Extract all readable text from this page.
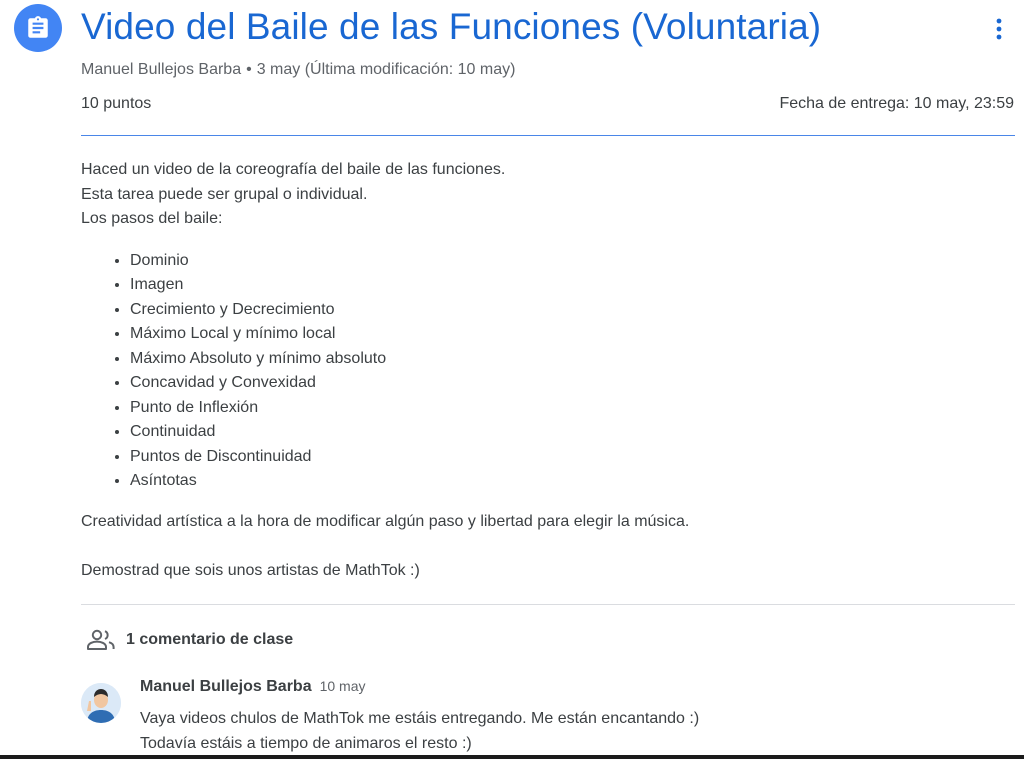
Video del Baile de las Funciones (Voluntaria)
Manuel Bullejos Barba • 3 may (Última modificación: 10 may)
10 puntos	Fecha de entrega: 10 may, 23:59

Haced un video de la coreografía del baile de las funciones.

Esta tarea puede ser grupal o individual.

Los pasos del baile:

• Dominio
• Imagen
• Crecimiento y Decrecimiento
• Máximo Local y mínimo local
• Máximo Absoluto y mínimo absoluto
• Concavidad y Convexidad
• Punto de Inflexión
• Continuidad
• Puntos de Discontinuidad
• Asíntotas

Creatividad artística a la hora de modificar algún paso y libertad para elegir la música.

Demostrad que sois unos artistas de MathTok :)

1 comentario de clase
Manuel Bullejos Barba 10 may

Vaya videos chulos de MathTok me estáis entregando. Me están encantando :)

Todavía estáis a tiempo de animaros el resto :)
